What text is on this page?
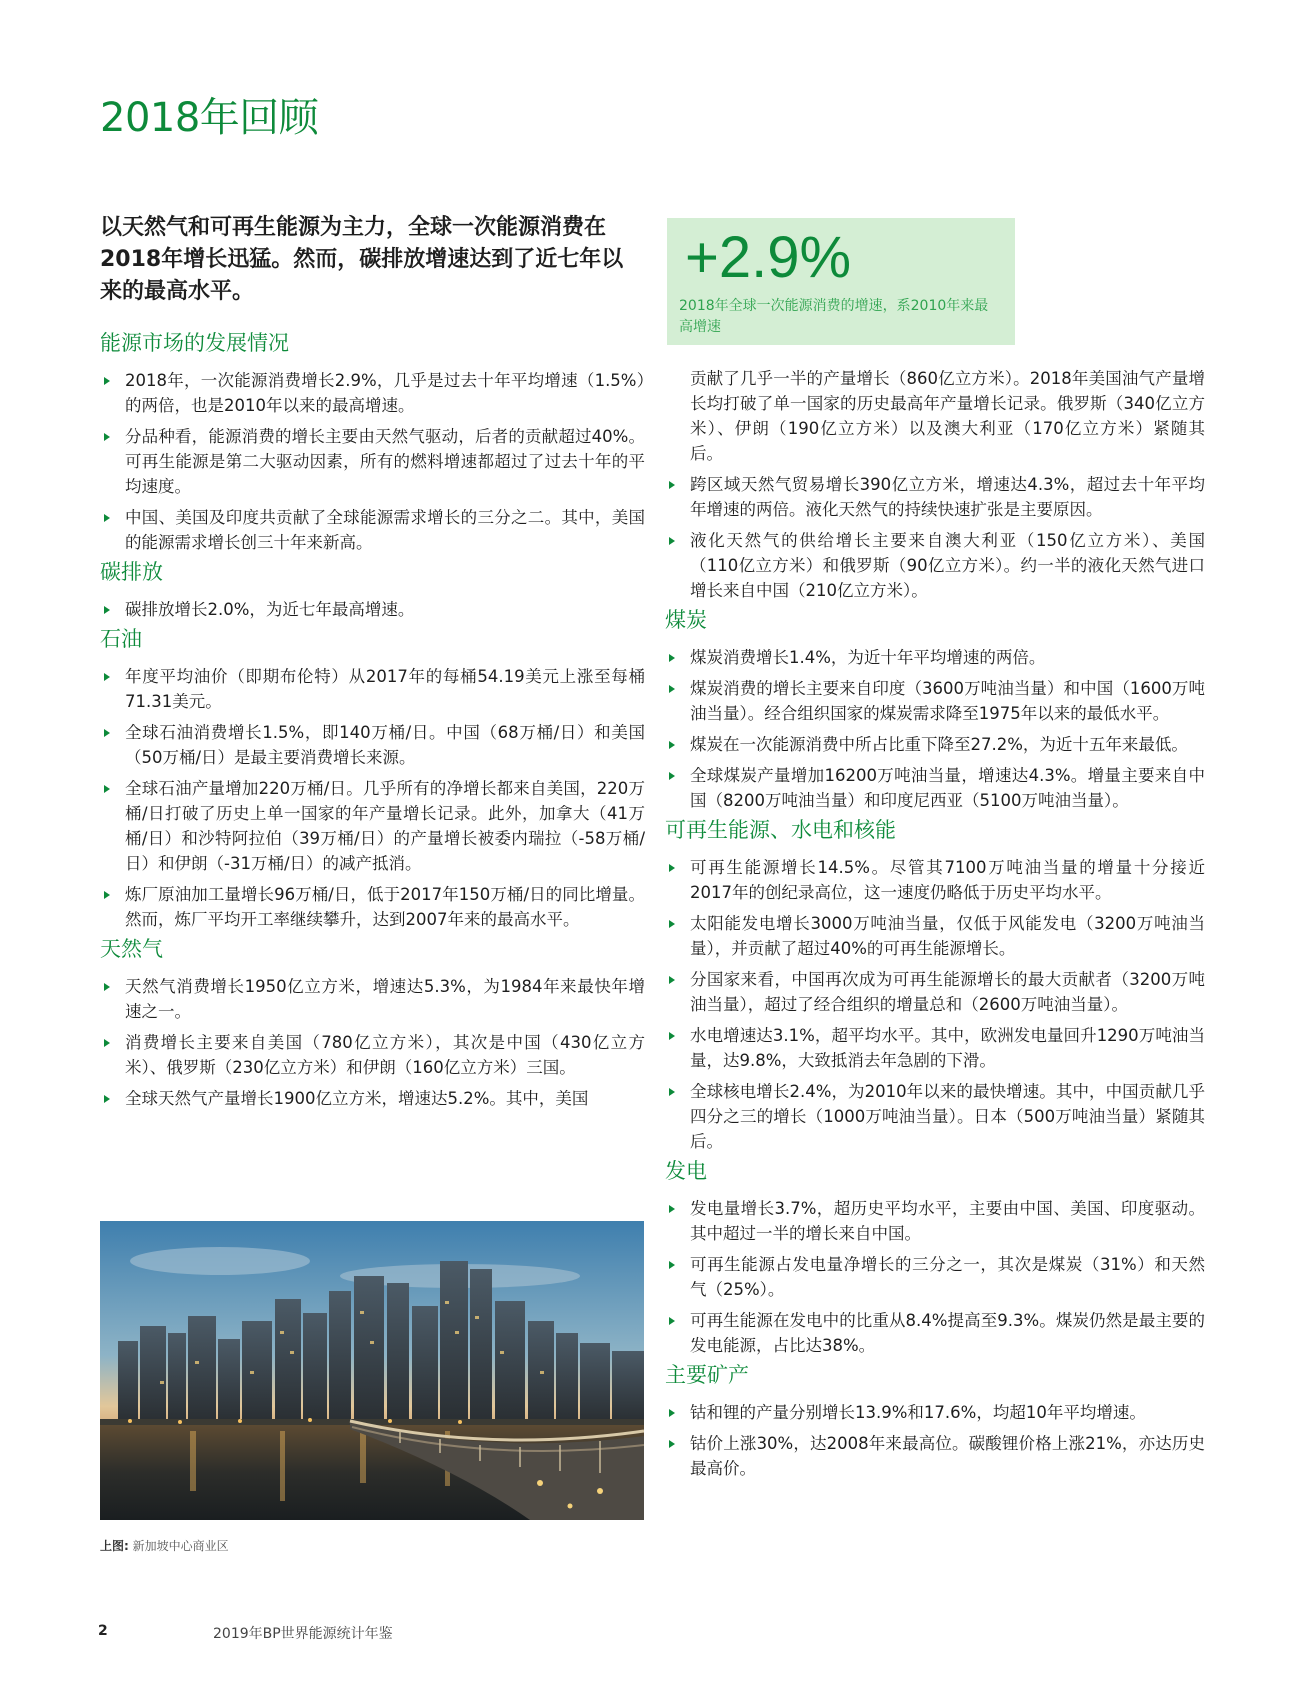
2018年回顾

以天然气和可再生能源为主力，全球一次能源消费在2018年增长迅猛。然而，碳排放增速达到了近七年以来的最高水平。

+2.9%

2018年全球一次能源消费的增速，系2010年来最高增速

能源市场的发展情况
2018年，一次能源消费增长2.9%，几乎是过去十年平均增速（1.5%）的两倍，也是2010年以来的最高增速。
分品种看，能源消费的增长主要由天然气驱动，后者的贡献超过40%。可再生能源是第二大驱动因素，所有的燃料增速都超过了过去十年的平均速度。
中国、美国及印度共贡献了全球能源需求增长的三分之二。其中，美国的能源需求增长创三十年来新高。
碳排放
碳排放增长2.0%，为近七年最高增速。
石油
年度平均油价（即期布伦特）从2017年的每桶54.19美元上涨至每桶71.31美元。
全球石油消费增长1.5%，即140万桶/日。中国（68万桶/日）和美国（50万桶/日）是最主要消费增长来源。
全球石油产量增加220万桶/日。几乎所有的净增长都来自美国，220万桶/日打破了历史上单一国家的年产量增长记录。此外，加拿大（41万桶/日）和沙特阿拉伯（39万桶/日）的产量增长被委内瑞拉（-58万桶/日）和伊朗（-31万桶/日）的减产抵消。
炼厂原油加工量增长96万桶/日，低于2017年150万桶/日的同比增量。然而，炼厂平均开工率继续攀升，达到2007年来的最高水平。
天然气
天然气消费增长1950亿立方米，增速达5.3%，为1984年来最快年增速之一。
消费增长主要来自美国（780亿立方米），其次是中国（430亿立方米）、俄罗斯（230亿立方米）和伊朗（160亿立方米）三国。
全球天然气产量增长1900亿立方米，增速达5.2%。其中，美国

上图: 新加坡中心商业区

贡献了几乎一半的产量增长（860亿立方米）。2018年美国油气产量增长均打破了单一国家的历史最高年产量增长记录。俄罗斯（340亿立方米）、伊朗（190亿立方米）以及澳大利亚（170亿立方米）紧随其后。

跨区域天然气贸易增长390亿立方米，增速达4.3%，超过去十年平均年增速的两倍。液化天然气的持续快速扩张是主要原因。
液化天然气的供给增长主要来自澳大利亚（150亿立方米）、美国（110亿立方米）和俄罗斯（90亿立方米）。约一半的液化天然气进口增长来自中国（210亿立方米）。
煤炭
煤炭消费增长1.4%，为近十年平均增速的两倍。
煤炭消费的增长主要来自印度（3600万吨油当量）和中国（1600万吨油当量）。经合组织国家的煤炭需求降至1975年以来的最低水平。
煤炭在一次能源消费中所占比重下降至27.2%，为近十五年来最低。
全球煤炭产量增加16200万吨油当量，增速达4.3%。增量主要来自中国（8200万吨油当量）和印度尼西亚（5100万吨油当量）。
可再生能源、水电和核能
可再生能源增长14.5%。尽管其7100万吨油当量的增量十分接近2017年的创纪录高位，这一速度仍略低于历史平均水平。
太阳能发电增长3000万吨油当量，仅低于风能发电（3200万吨油当量），并贡献了超过40%的可再生能源增长。
分国家来看，中国再次成为可再生能源增长的最大贡献者（3200万吨油当量），超过了经合组织的增量总和（2600万吨油当量）。
水电增速达3.1%，超平均水平。其中，欧洲发电量回升1290万吨油当量，达9.8%，大致抵消去年急剧的下滑。
全球核电增长2.4%，为2010年以来的最快增速。其中，中国贡献几乎四分之三的增长（1000万吨油当量）。日本（500万吨油当量）紧随其后。
发电
发电量增长3.7%，超历史平均水平，主要由中国、美国、印度驱动。其中超过一半的增长来自中国。
可再生能源占发电量净增长的三分之一，其次是煤炭（31%）和天然气（25%）。
可再生能源在发电中的比重从8.4%提高至9.3%。煤炭仍然是最主要的发电能源，占比达38%。
主要矿产
钴和锂的产量分别增长13.9%和17.6%，均超10年平均增速。
钴价上涨30%，达2008年来最高位。碳酸锂价格上涨21%，亦达历史最高价。
2	2019年BP世界能源统计年鉴
